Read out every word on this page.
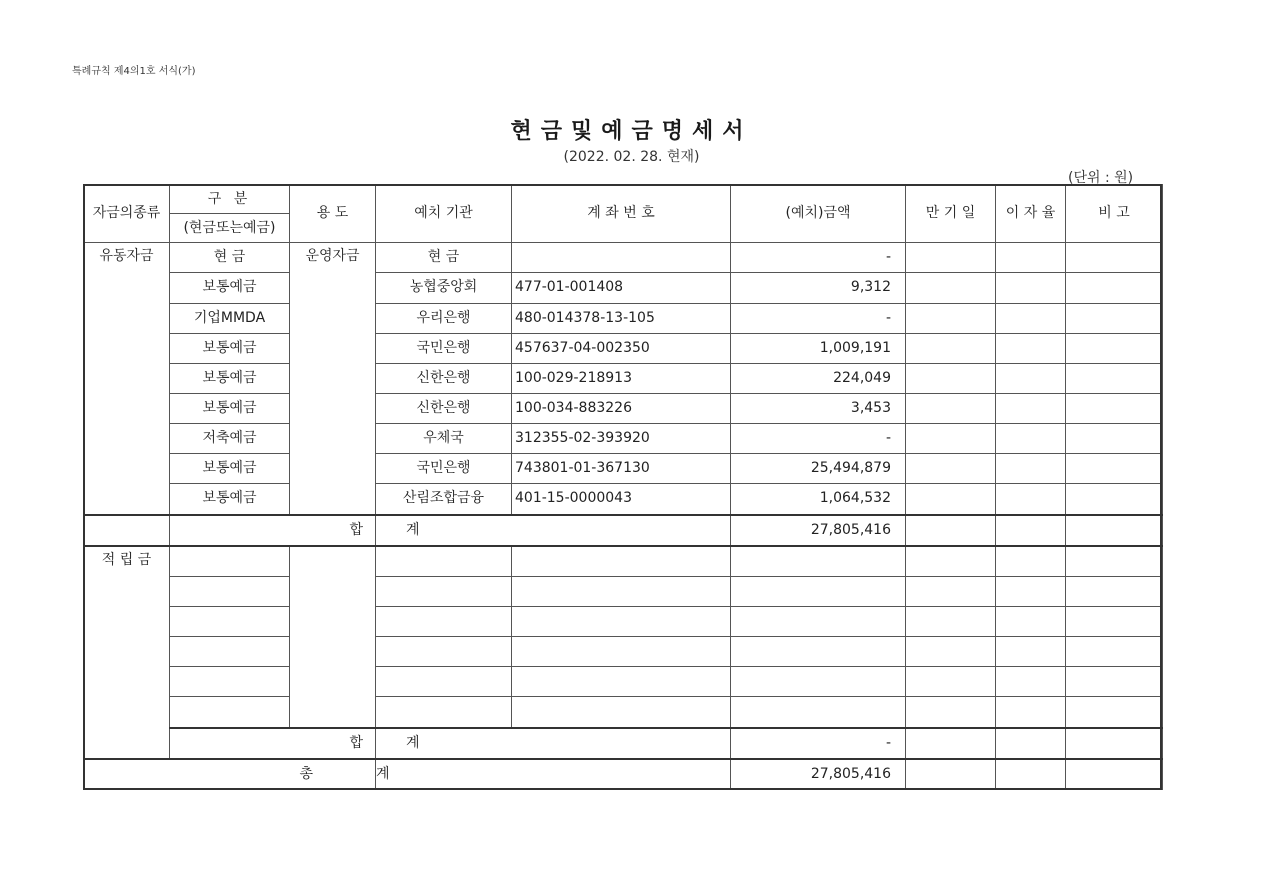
특례규칙 제4의1호 서식(가)
현금및예금명세서
(2022. 02. 28. 현재)
(단위 : 원)
자금의종류	구 분	용 도	예치 기관	계 좌 번 호	(예치)금액	만 기 일	이 자 율	비 고
	(현금또는예금)							
유동자금	현 금	운영자금	현 금		-			
	보통예금		농협중앙회	477-01-001408	9,312			
	기업MMDA		우리은행	480-014378-13-105	-			
	보통예금		국민은행	457637-04-002350	1,009,191			
	보통예금		신한은행	100-029-218913	224,049			
	보통예금		신한은행	100-034-883226	3,453			
	저축예금		우체국	312355-02-393920	-			
	보통예금		국민은행	743801-01-367130	25,494,879			
	보통예금		산림조합금융	401-15-0000043	1,064,532			
	합		계		27,805,416			
적 립 금								

	합		계		-			
총			계		27,805,416			
